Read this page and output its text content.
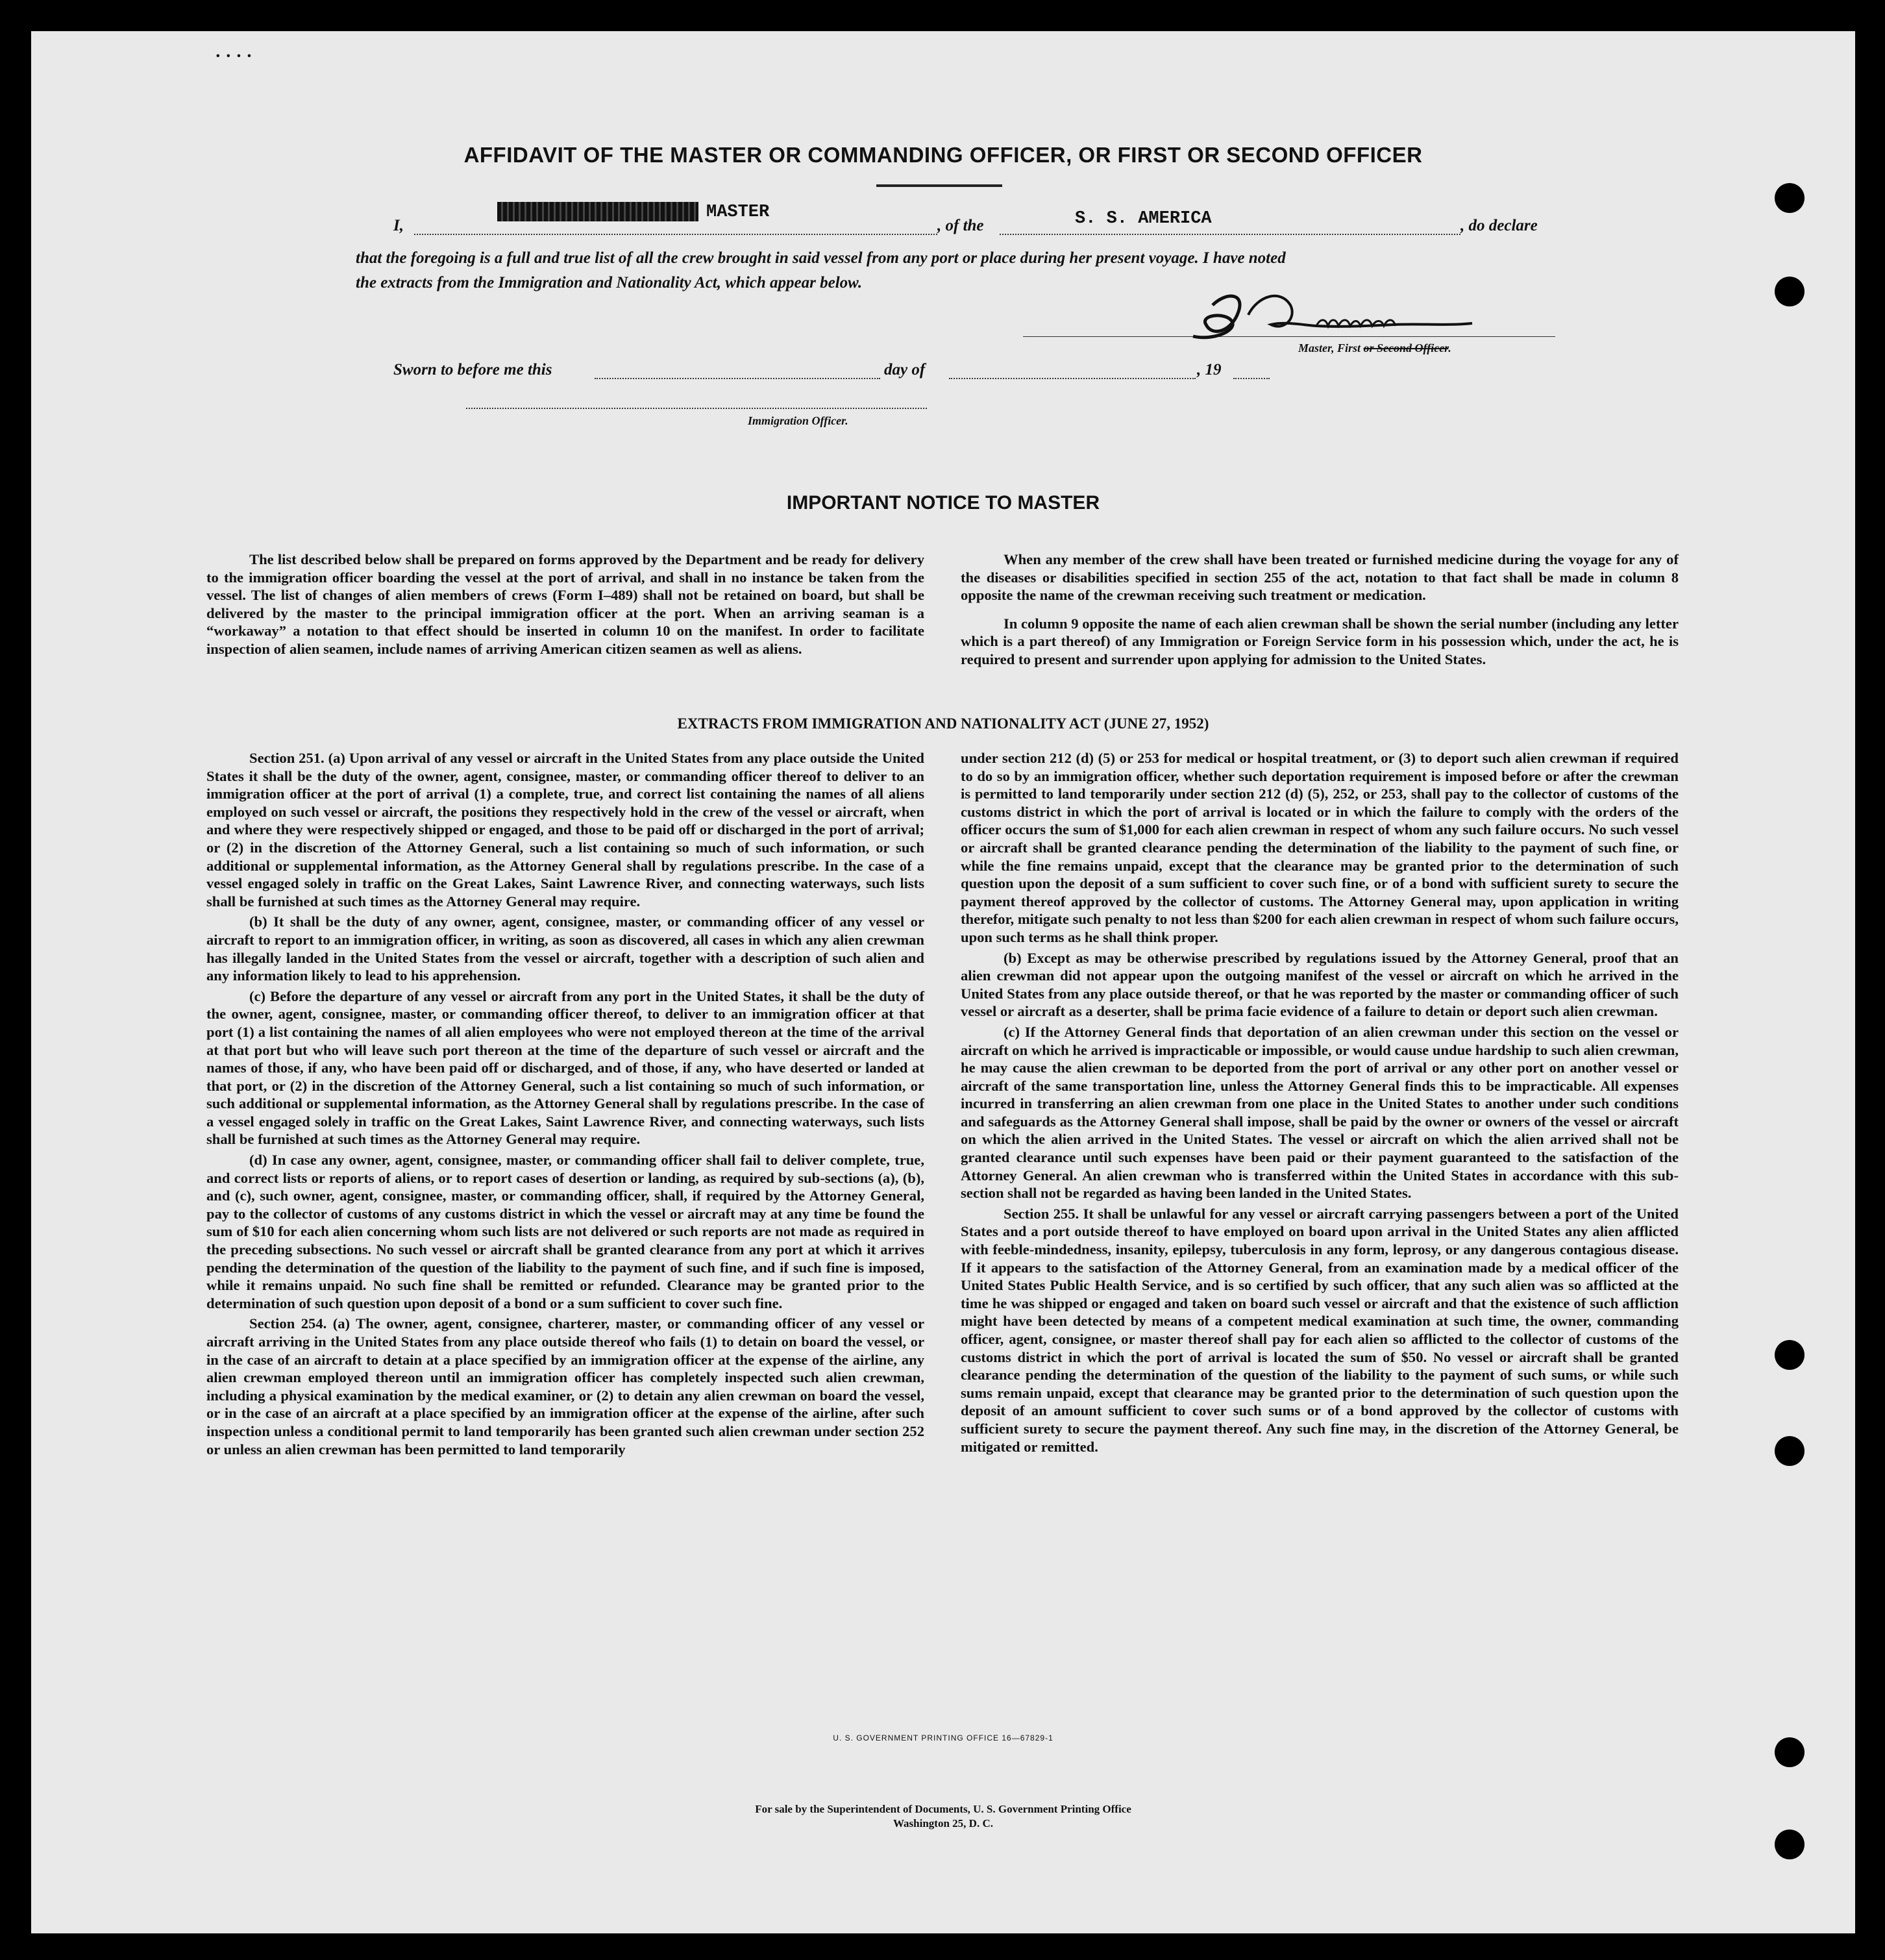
• • • •
AFFIDAVIT OF THE MASTER OR COMMANDING OFFICER, OR FIRST OR SECOND OFFICER
I,
MASTER
, of the	S. S. AMERICA	, do declare
that the foregoing is a full and true list of all the crew brought in said vessel from any port or place during her present voyage. I have noted
the extracts from the Immigration and Nationality Act, which appear below.
Master, First or Second Officer.
Sworn to before me this	day of	, 19
Immigration Officer.
IMPORTANT NOTICE TO MASTER

The list described below shall be prepared on forms approved by the Department and be ready for delivery to the immigration officer boarding the vessel at the port of arrival, and shall in no instance be taken from the vessel. The list of changes of alien members of crews (Form I–489) shall not be retained on board, but shall be delivered by the master to the principal immigration officer at the port. When an arriving seaman is a “workaway” a notation to that effect should be inserted in column 10 on the manifest. In order to facilitate inspection of alien seamen, include names of arriving American citizen seamen as well as aliens.

When any member of the crew shall have been treated or furnished medicine during the voyage for any of the diseases or disabilities specified in section 255 of the act, notation to that fact shall be made in column 8 opposite the name of the crewman receiving such treatment or medication.

In column 9 opposite the name of each alien crewman shall be shown the serial number (including any letter which is a part thereof) of any Immigration or Foreign Service form in his possession which, under the act, he is required to present and surrender upon applying for admission to the United States.

EXTRACTS FROM IMMIGRATION AND NATIONALITY ACT (JUNE 27, 1952)

Section 251. (a) Upon arrival of any vessel or aircraft in the United States from any place outside the United States it shall be the duty of the owner, agent, consignee, master, or commanding officer thereof to deliver to an immigration officer at the port of arrival (1) a complete, true, and correct list containing the names of all aliens employed on such vessel or aircraft, the positions they respectively hold in the crew of the vessel or aircraft, when and where they were respectively shipped or engaged, and those to be paid off or discharged in the port of arrival; or (2) in the discretion of the Attorney General, such a list containing so much of such information, or such additional or supplemental information, as the Attorney General shall by regulations prescribe. In the case of a vessel engaged solely in traffic on the Great Lakes, Saint Lawrence River, and connecting waterways, such lists shall be furnished at such times as the Attorney General may require.

(b) It shall be the duty of any owner, agent, consignee, master, or commanding officer of any vessel or aircraft to report to an immigration officer, in writing, as soon as discovered, all cases in which any alien crewman has illegally landed in the United States from the vessel or aircraft, together with a description of such alien and any information likely to lead to his apprehension.

(c) Before the departure of any vessel or aircraft from any port in the United States, it shall be the duty of the owner, agent, consignee, master, or commanding officer thereof, to deliver to an immigration officer at that port (1) a list containing the names of all alien employees who were not employed thereon at the time of the arrival at that port but who will leave such port thereon at the time of the departure of such vessel or aircraft and the names of those, if any, who have been paid off or discharged, and of those, if any, who have deserted or landed at that port, or (2) in the discretion of the Attorney General, such a list containing so much of such information, or such additional or supplemental information, as the Attorney General shall by regulations prescribe. In the case of a vessel engaged solely in traffic on the Great Lakes, Saint Lawrence River, and connecting waterways, such lists shall be furnished at such times as the Attorney General may require.

(d) In case any owner, agent, consignee, master, or commanding officer shall fail to deliver complete, true, and correct lists or reports of aliens, or to report cases of desertion or landing, as required by sub-sections (a), (b), and (c), such owner, agent, consignee, master, or commanding officer, shall, if required by the Attorney General, pay to the collector of customs of any customs district in which the vessel or aircraft may at any time be found the sum of $10 for each alien concerning whom such lists are not delivered or such reports are not made as required in the preceding subsections. No such vessel or aircraft shall be granted clearance from any port at which it arrives pending the determination of the question of the liability to the payment of such fine, and if such fine is imposed, while it remains unpaid. No such fine shall be remitted or refunded. Clearance may be granted prior to the determination of such question upon deposit of a bond or a sum sufficient to cover such fine.

Section 254. (a) The owner, agent, consignee, charterer, master, or commanding officer of any vessel or aircraft arriving in the United States from any place outside thereof who fails (1) to detain on board the vessel, or in the case of an aircraft to detain at a place specified by an immigration officer at the expense of the airline, any alien crewman employed thereon until an immigration officer has completely inspected such alien crewman, including a physical examination by the medical examiner, or (2) to detain any alien crewman on board the vessel, or in the case of an aircraft at a place specified by an immigration officer at the expense of the airline, after such inspection unless a conditional permit to land temporarily has been granted such alien crewman under section 252 or unless an alien crewman has been permitted to land temporarily

under section 212 (d) (5) or 253 for medical or hospital treatment, or (3) to deport such alien crewman if required to do so by an immigration officer, whether such deportation requirement is imposed before or after the crewman is permitted to land temporarily under section 212 (d) (5), 252, or 253, shall pay to the collector of customs of the customs district in which the port of arrival is located or in which the failure to comply with the orders of the officer occurs the sum of $1,000 for each alien crewman in respect of whom any such failure occurs. No such vessel or aircraft shall be granted clearance pending the determination of the liability to the payment of such fine, or while the fine remains unpaid, except that the clearance may be granted prior to the determination of such question upon the deposit of a sum sufficient to cover such fine, or of a bond with sufficient surety to secure the payment thereof approved by the collector of customs. The Attorney General may, upon application in writing therefor, mitigate such penalty to not less than $200 for each alien crewman in respect of whom such failure occurs, upon such terms as he shall think proper.

(b) Except as may be otherwise prescribed by regulations issued by the Attorney General, proof that an alien crewman did not appear upon the outgoing manifest of the vessel or aircraft on which he arrived in the United States from any place outside thereof, or that he was reported by the master or commanding officer of such vessel or aircraft as a deserter, shall be prima facie evidence of a failure to detain or deport such alien crewman.

(c) If the Attorney General finds that deportation of an alien crewman under this section on the vessel or aircraft on which he arrived is impracticable or impossible, or would cause undue hardship to such alien crewman, he may cause the alien crewman to be deported from the port of arrival or any other port on another vessel or aircraft of the same transportation line, unless the Attorney General finds this to be impracticable. All expenses incurred in transferring an alien crewman from one place in the United States to another under such conditions and safeguards as the Attorney General shall impose, shall be paid by the owner or owners of the vessel or aircraft on which the alien arrived in the United States. The vessel or aircraft on which the alien arrived shall not be granted clearance until such expenses have been paid or their payment guaranteed to the satisfaction of the Attorney General. An alien crewman who is transferred within the United States in accordance with this sub-section shall not be regarded as having been landed in the United States.

Section 255. It shall be unlawful for any vessel or aircraft carrying passengers between a port of the United States and a port outside thereof to have employed on board upon arrival in the United States any alien afflicted with feeble-mindedness, insanity, epilepsy, tuberculosis in any form, leprosy, or any dangerous contagious disease. If it appears to the satisfaction of the Attorney General, from an examination made by a medical officer of the United States Public Health Service, and is so certified by such officer, that any such alien was so afflicted at the time he was shipped or engaged and taken on board such vessel or aircraft and that the existence of such affliction might have been detected by means of a competent medical examination at such time, the owner, commanding officer, agent, consignee, or master thereof shall pay for each alien so afflicted to the collector of customs of the customs district in which the port of arrival is located the sum of $50. No vessel or aircraft shall be granted clearance pending the determination of the question of the liability to the payment of such sums, or while such sums remain unpaid, except that clearance may be granted prior to the determination of such question upon the deposit of an amount sufficient to cover such sums or of a bond approved by the collector of customs with sufficient surety to secure the payment thereof. Any such fine may, in the discretion of the Attorney General, be mitigated or remitted.

U. S. GOVERNMENT PRINTING OFFICE 16—67829-1
For sale by the Superintendent of Documents, U. S. Government Printing Office
Washington 25, D. C.
